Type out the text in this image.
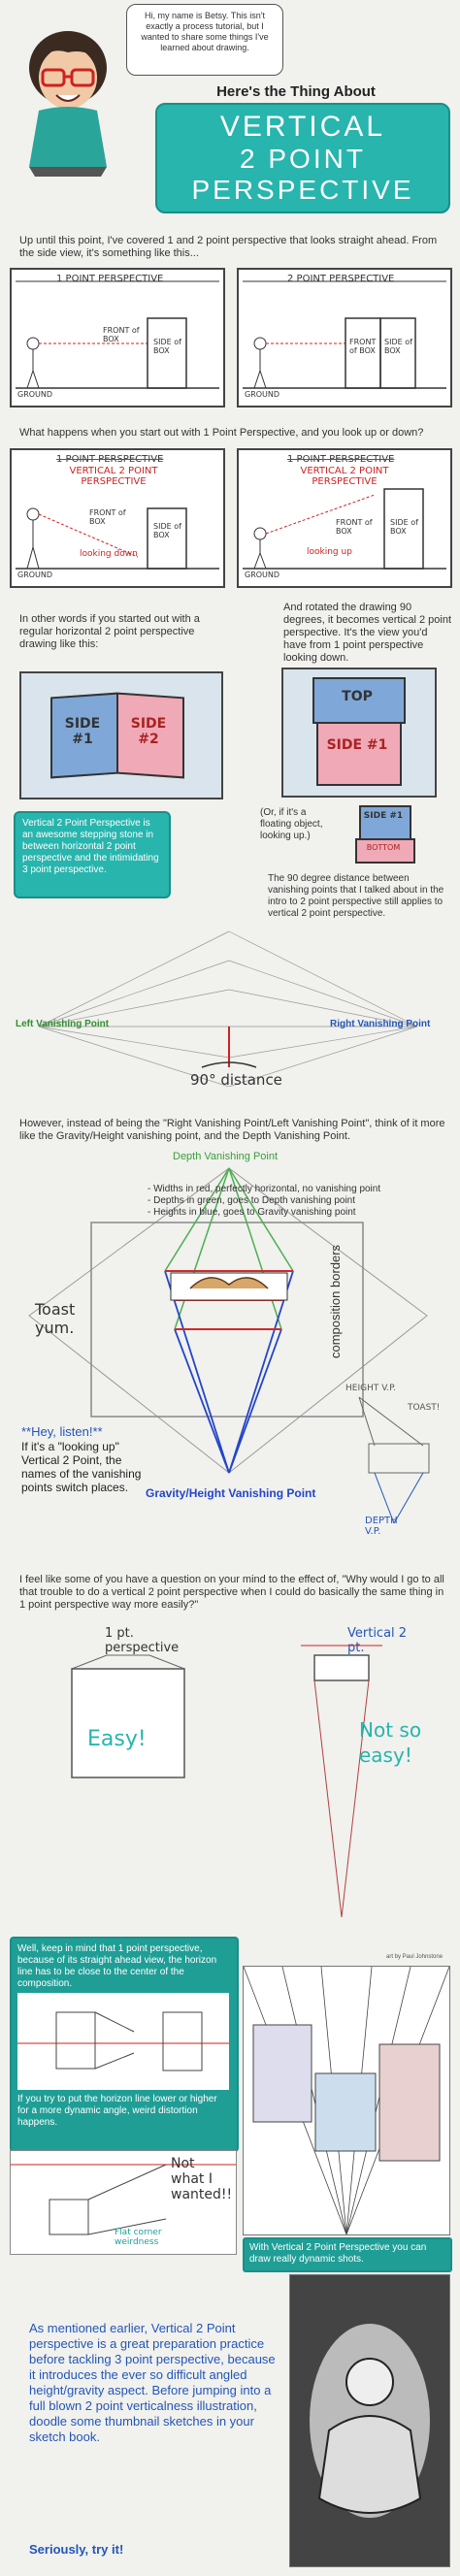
Hi, my name is Betsy. This isn't exactly a process tutorial, but I wanted to share some things I've learned about drawing.
Here's the Thing About
VERTICAL
2 POINT
PERSPECTIVE
Up until this point, I've covered 1 and 2 point perspective that looks straight ahead. From the side view, it's something like this...
1 POINT PERSPECTIVE
FRONT of BOX	SIDE of BOX
GROUND
2 POINT PERSPECTIVE
FRONT of BOX
SIDE of BOX
GROUND
What happens when you start out with 1 Point Perspective, and you look up or down?
1 POINT PERSPECTIVE
VERTICAL 2 POINT PERSPECTIVE
FRONT of BOX
SIDE of BOX
looking down
GROUND
1 POINT PERSPECTIVE
VERTICAL 2 POINT PERSPECTIVE
FRONT of BOX
SIDE of BOX
looking up
GROUND
In other words if you started out with a regular horizontal 2 point perspective drawing like this:
And rotated the drawing 90 degrees, it becomes vertical 2 point perspective. It's the view you'd have from 1 point perspective looking down.
SIDE #1
SIDE #2
TOP
SIDE #1
(Or, if it's a floating object, looking up.)
SIDE #1
BOTTOM
Vertical 2 Point Perspective is an awesome stepping stone in between horizontal 2 point perspective and the intimidating 3 point perspective.
The 90 degree distance between vanishing points that I talked about in the intro to 2 point perspective still applies to vertical 2 point perspective.
Left Vanishing Point	Right Vanishing Point
90° distance
However, instead of being the "Right Vanishing Point/Left Vanishing Point", think of it more like the Gravity/Height vanishing point, and the Depth Vanishing Point.
Depth Vanishing Point
- Widths in red, perfectly horizontal, no vanishing point
- Depths in green, goes to Depth vanishing point
- Heights in blue, goes to Gravity vanishing point
composition borders
Toast yum.
Gravity/Height Vanishing Point
**Hey, listen!**
If it's a "looking up" Vertical 2 Point, the names of the vanishing points switch places.
HEIGHT V.P.
TOAST!
DEPTH V.P.
I feel like some of you have a question on your mind to the effect of, "Why would I go to all that trouble to do a vertical 2 point perspective when I could do basically the same thing in 1 point perspective way more easily?"
1 pt. perspective
Easy!
Vertical 2 pt.
Not so easy!
Well, keep in mind that 1 point perspective, because of its straight ahead view, the horizon line has to be close to the center of the composition.
If you try to put the horizon line lower or higher for a more dynamic angle, weird distortion happens.
Not what I wanted!!
Flat corner weirdness
art by Paul Johnstone
With Vertical 2 Point Perspective you can draw really dynamic shots.
As mentioned earlier, Vertical 2 Point perspective is a great preparation practice before tackling 3 point perspective, because it introduces the ever so difficult angled height/gravity aspect. Before jumping into a full blown 2 point verticalness illustration, doodle some thumbnail sketches in your sketch book.
Seriously, try it!
